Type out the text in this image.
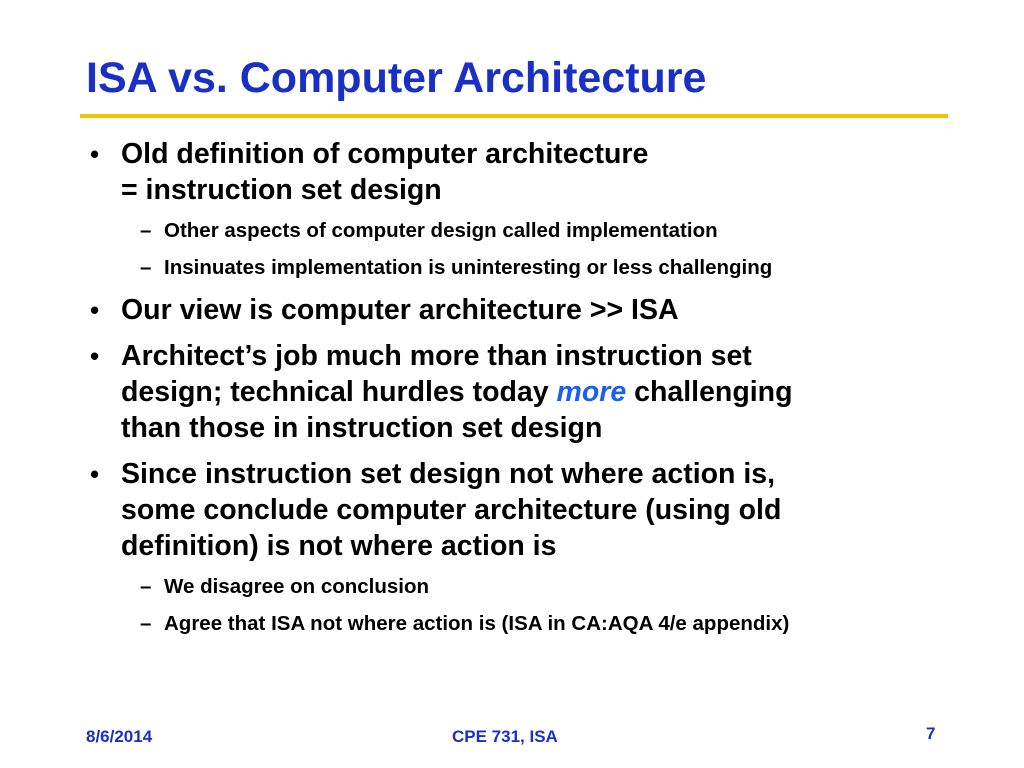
ISA vs. Computer Architecture
• Old definition of computer architecture
= instruction set design
– Other aspects of computer design called implementation
– Insinuates implementation is uninteresting or less challenging
• Our view is computer architecture >> ISA
• Architect’s job much more than instruction set
design; technical hurdles today more challenging
than those in instruction set design
• Since instruction set design not where action is,
some conclude computer architecture (using old
definition) is not where action is
– We disagree on conclusion
– Agree that ISA not where action is (ISA in CA:AQA 4/e appendix)
8/6/2014	CPE 731, ISA	7
